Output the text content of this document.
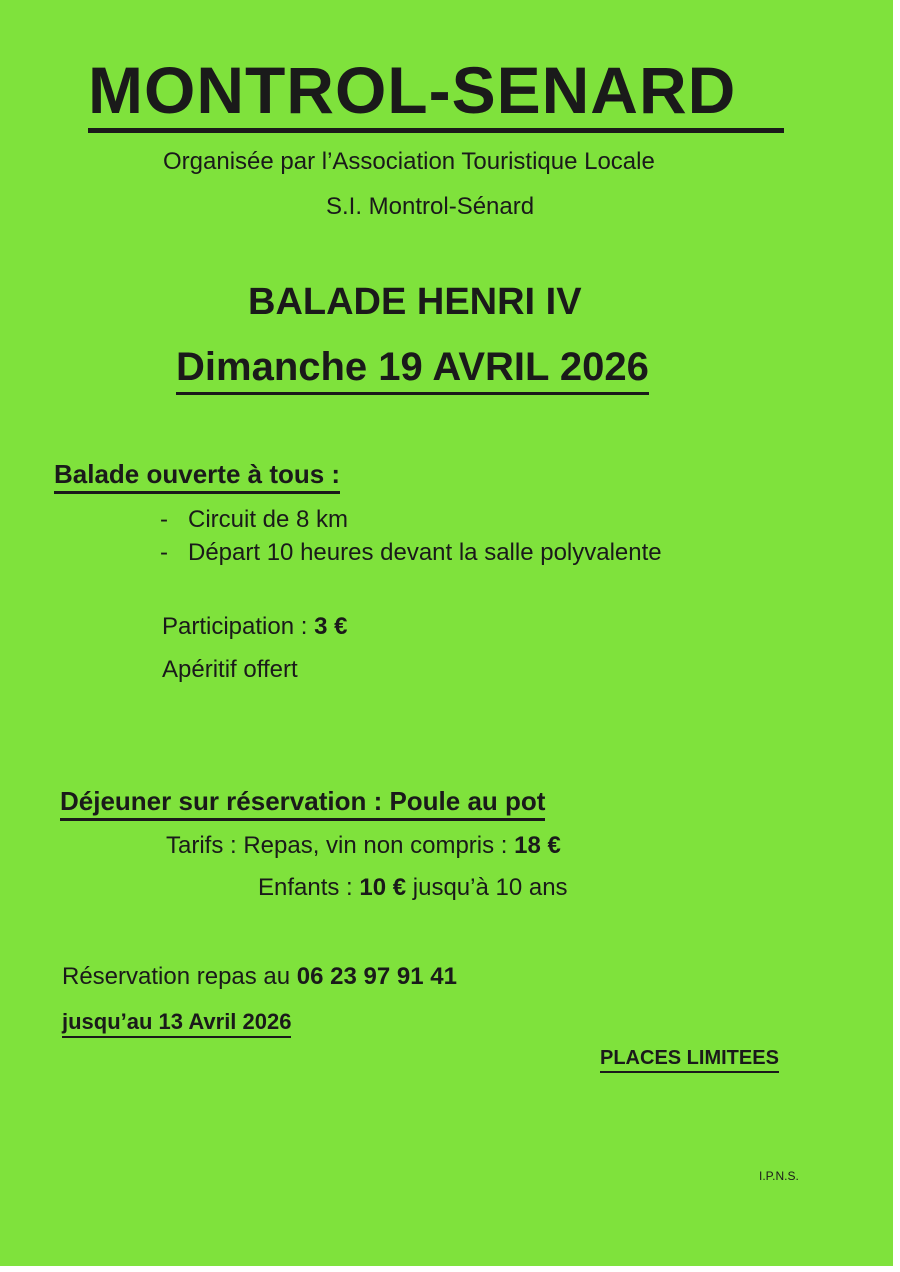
MONTROL-SENARD
Organisée par l’Association Touristique Locale
S.I. Montrol-Sénard
BALADE HENRI IV
Dimanche 19 AVRIL 2026
Balade ouverte à tous :
- Circuit de 8 km
- Départ 10 heures devant la salle polyvalente
Participation : 3 €
Apéritif offert
Déjeuner sur réservation : Poule au pot
Tarifs : Repas, vin non compris : 18 €
Enfants : 10 € jusqu’à 10 ans
Réservation repas au 06 23 97 91 41
jusqu’au 13 Avril 2026
PLACES LIMITEES
I.P.N.S.
